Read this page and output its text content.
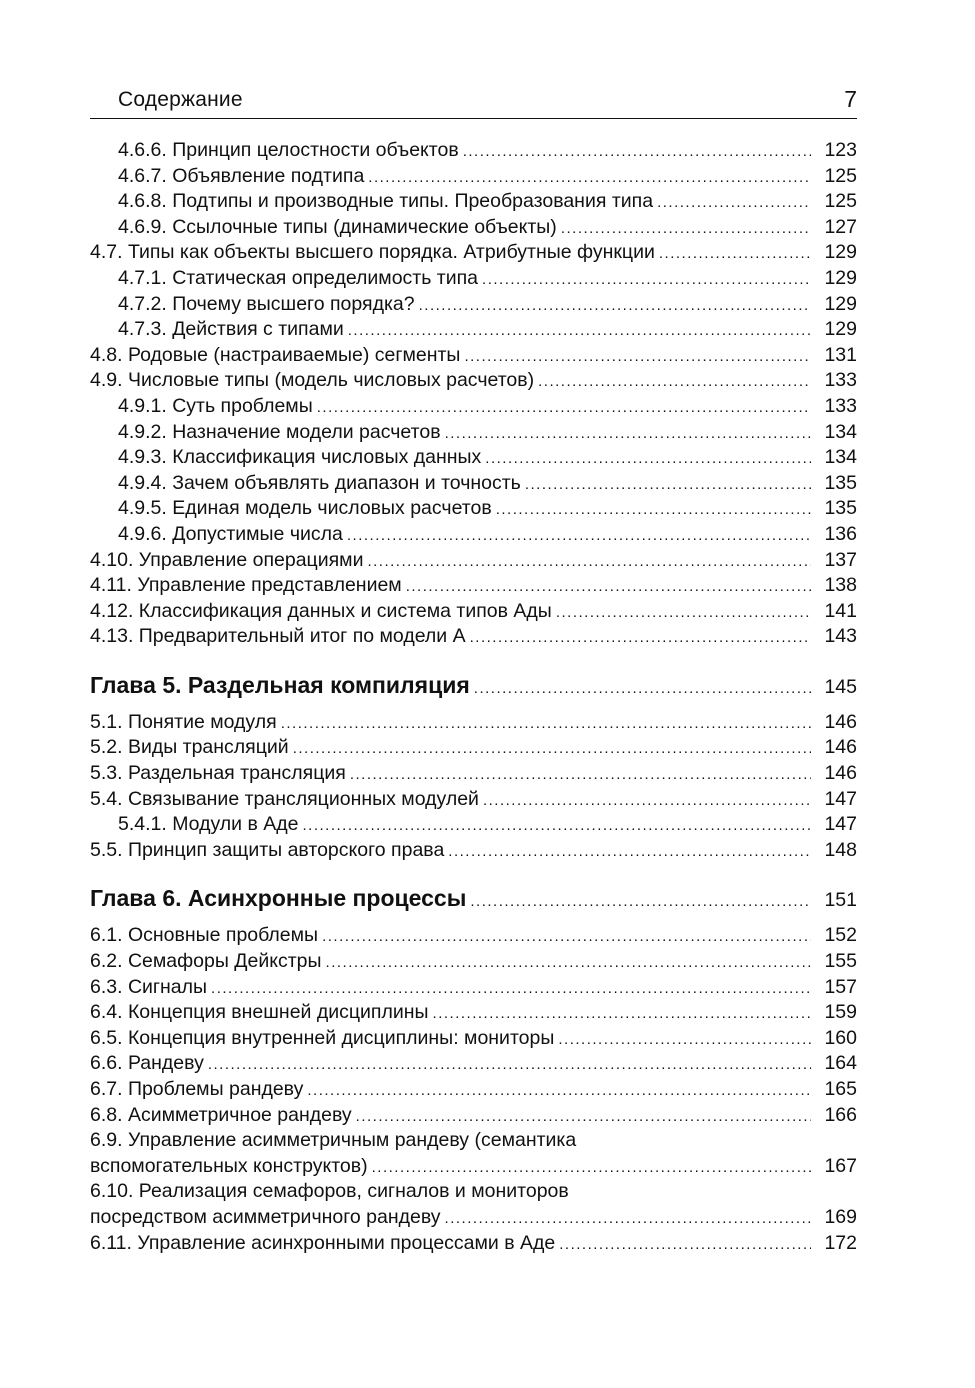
Содержание	7
4.6.6. Принцип целостности объектов .....	123
4.6.7. Объявление подтипа .....	125
4.6.8. Подтипы и производные типы. Преобразования типа .....	125
4.6.9. Ссылочные типы (динамические объекты) .....	127
4.7. Типы как объекты высшего порядка. Атрибутные функции .....	129
4.7.1. Статическая определимость типа .....	129
4.7.2. Почему высшего порядка? .....	129
4.7.3. Действия с типами .....	129
4.8. Родовые (настраиваемые) сегменты .....	131
4.9. Числовые типы (модель числовых расчетов) .....	133
4.9.1. Суть проблемы .....	133
4.9.2. Назначение модели расчетов .....	134
4.9.3. Классификация числовых данных .....	134
4.9.4. Зачем объявлять диапазон и точность .....	135
4.9.5. Единая модель числовых расчетов .....	135
4.9.6. Допустимые числа .....	136
4.10. Управление операциями .....	137
4.11. Управление представлением .....	138
4.12. Классификация данных и система типов Ады .....	141
4.13. Предварительный итог по модели А .....	143
Глава 5. Раздельная компиляция .....	145
5.1. Понятие модуля .....	146
5.2. Виды трансляций .....	146
5.3. Раздельная трансляция .....	146
5.4. Связывание трансляционных модулей .....	147
5.4.1. Модули в Аде .....	147
5.5. Принцип защиты авторского права .....	148
Глава 6. Асинхронные процессы .....	151
6.1. Основные проблемы .....	152
6.2. Семафоры Дейкстры .....	155
6.3. Сигналы .....	157
6.4. Концепция внешней дисциплины .....	159
6.5. Концепция внутренней дисциплины: мониторы .....	160
6.6. Рандеву .....	164
6.7. Проблемы рандеву .....	165
6.8. Асимметричное рандеву .....	166
6.9. Управление асимметричным рандеву (семантика
вспомогательных конструктов) .....	167
6.10. Реализация семафоров, сигналов и мониторов
посредством асимметричного рандеву .....	169
6.11. Управление асинхронными процессами в Аде .....	172
